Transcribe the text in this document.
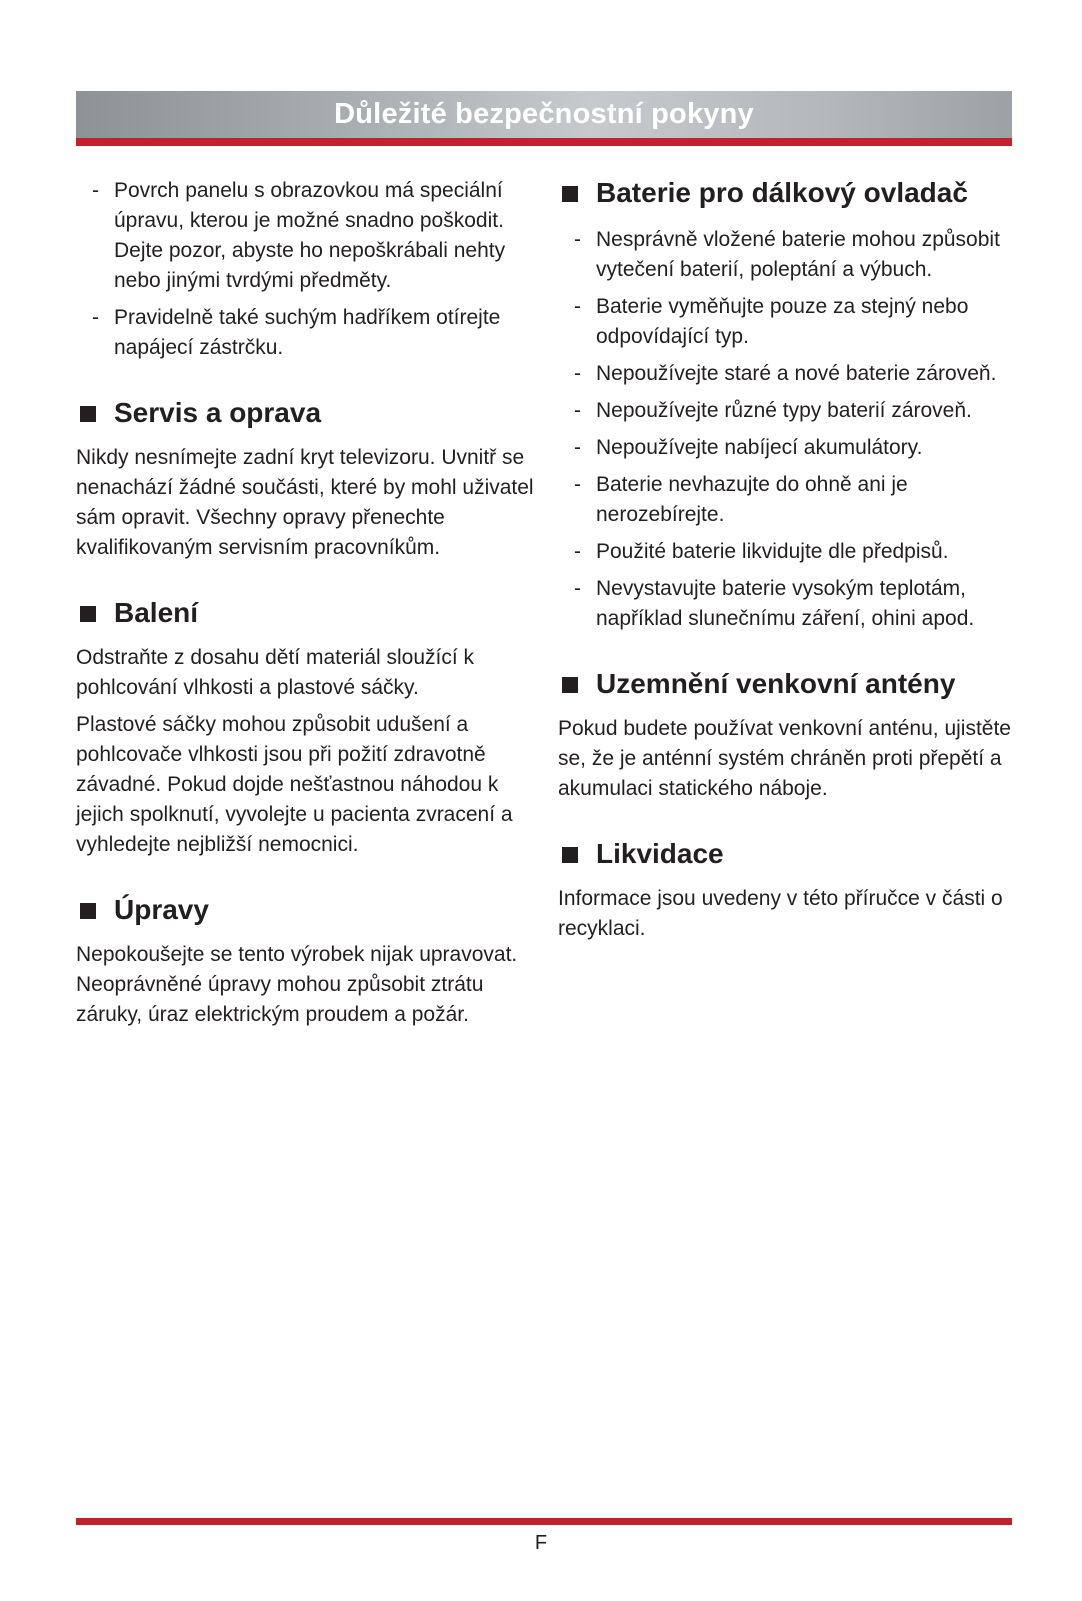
Důležité bezpečnostní pokyny
- Povrch panelu s obrazovkou má speciální úpravu, kterou je možné snadno poškodit. Dejte pozor, abyste ho nepoškrábali nehty nebo jinými tvrdými předměty.
- Pravidelně také suchým hadříkem otírejte napájecí zástrčku.
Servis a oprava

Nikdy nesnímejte zadní kryt televizoru. Uvnitř se nenachází žádné součásti, které by mohl uživatel sám opravit. Všechny opravy přenechte kvalifikovaným servisním pracovníkům.

Balení

Odstraňte z dosahu dětí materiál sloužící k pohlcování vlhkosti a plastové sáčky.

Plastové sáčky mohou způsobit udušení a pohlcovače vlhkosti jsou při požití zdravotně závadné. Pokud dojde nešťastnou náhodou k jejich spolknutí, vyvolejte u pacienta zvracení a vyhledejte nejbližší nemocnici.

Úpravy

Nepokoušejte se tento výrobek nijak upravovat. Neoprávněné úpravy mohou způsobit ztrátu záruky, úraz elektrickým proudem a požár.

Baterie pro dálkový ovladač
- Nesprávně vložené baterie mohou způsobit vytečení baterií, poleptání a výbuch.
- Baterie vyměňujte pouze za stejný nebo odpovídající typ.
- Nepoužívejte staré a nové baterie zároveň.
- Nepoužívejte různé typy baterií zároveň.
- Nepoužívejte nabíjecí akumulátory.
- Baterie nevhazujte do ohně ani je nerozebírejte.
- Použité baterie likvidujte dle předpisů.
- Nevystavujte baterie vysokým teplotám, například slunečnímu záření, ohini apod.
Uzemnění venkovní antény

Pokud budete používat venkovní anténu, ujistěte se, že je anténní systém chráněn proti přepětí a akumulaci statického náboje.

Likvidace

Informace jsou uvedeny v této příručce v části o recyklaci.

F
